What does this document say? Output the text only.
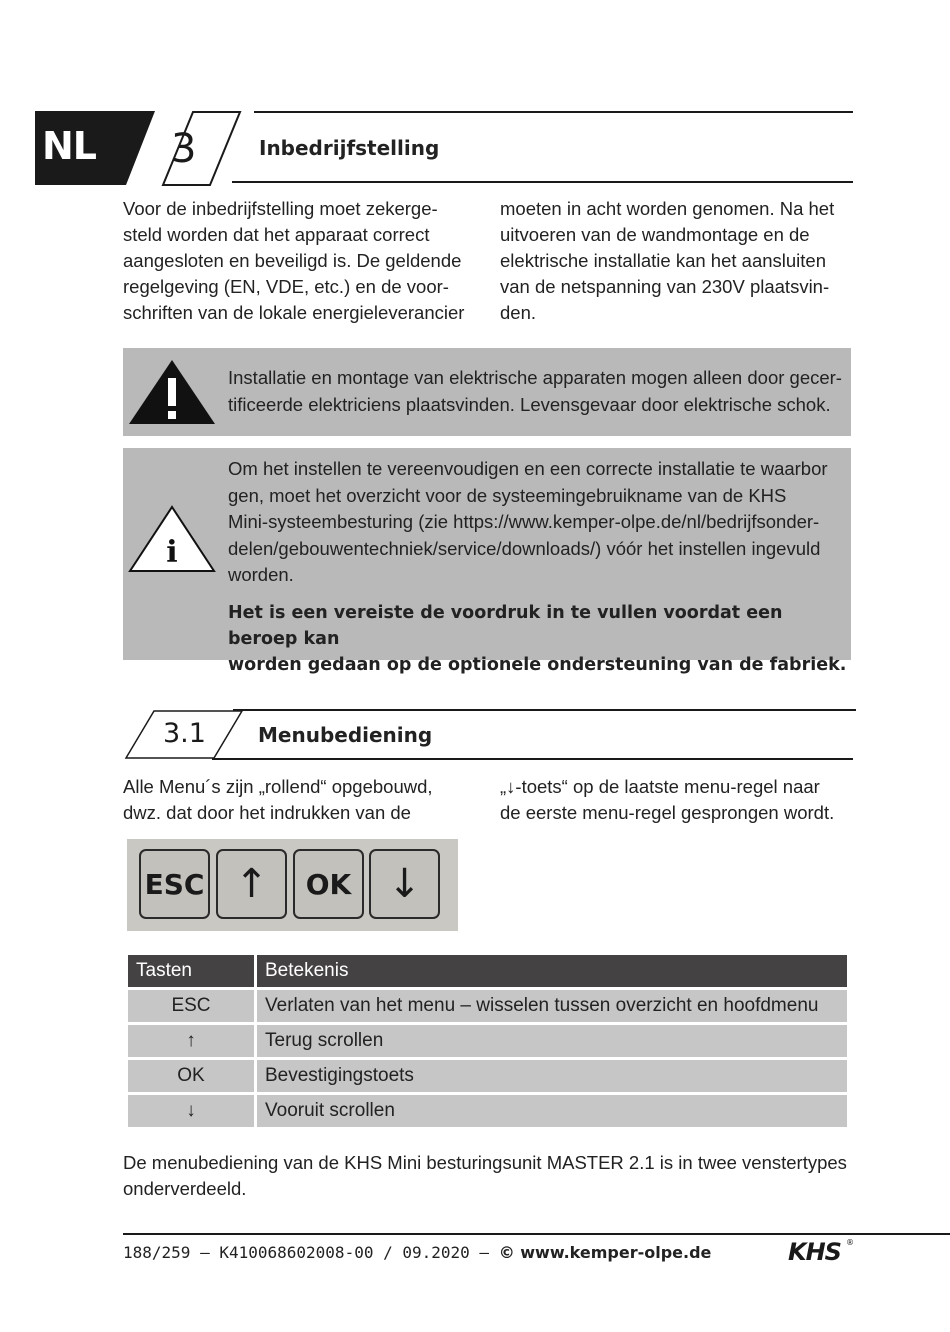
NL 3	Inbedrijfstelling
Voor de inbedrijfstelling moet zekerge-
steld worden dat het apparaat correct
aangesloten en beveiligd is. De geldende
regelgeving (EN, VDE, etc.) en de voor-
schriften van de lokale energieleverancier
moeten in acht worden genomen. Na het
uitvoeren van de wandmontage en de
elektrische installatie kan het aansluiten
van de netspanning van 230V plaatsvin-
den.
Installatie en montage van elektrische apparaten mogen alleen door gecer-
tificeerde elektriciens plaatsvinden. Levensgevaar door elektrische schok.
i
Om het instellen te vereenvoudigen en een correcte installatie te waarbor
gen, moet het overzicht voor de systeemingebruikname van de KHS
Mini-systeembesturing (zie https://www.kemper-olpe.de/nl/bedrijfsonder-
delen/gebouwentechniek/service/downloads/) vóór het instellen ingevuld
worden.
Het is een vereiste de voordruk in te vullen voordat een beroep kan
worden gedaan op de optionele ondersteuning van de fabriek.
3.1	Menubediening
Alle Menu´s zijn „rollend“ opgebouwd,
dwz. dat door het indrukken van de
„↓-toets“ op de laatste menu-regel naar
de eerste menu-regel gesprongen wordt.
ESC ↑	OK ↓
Tasten	Betekenis
ESC	Verlaten van het menu – wisselen tussen overzicht en hoofdmenu
↑	Terug scrollen
OK	Bevestigingstoets
↓	Vooruit scrollen
De menubediening van de KHS Mini besturingsunit MASTER 2.1 is in twee venstertypes
onderverdeeld.
188/259 – K410068602008-00 / 09.2020 – © www.kemper-olpe.de	KHS ®
